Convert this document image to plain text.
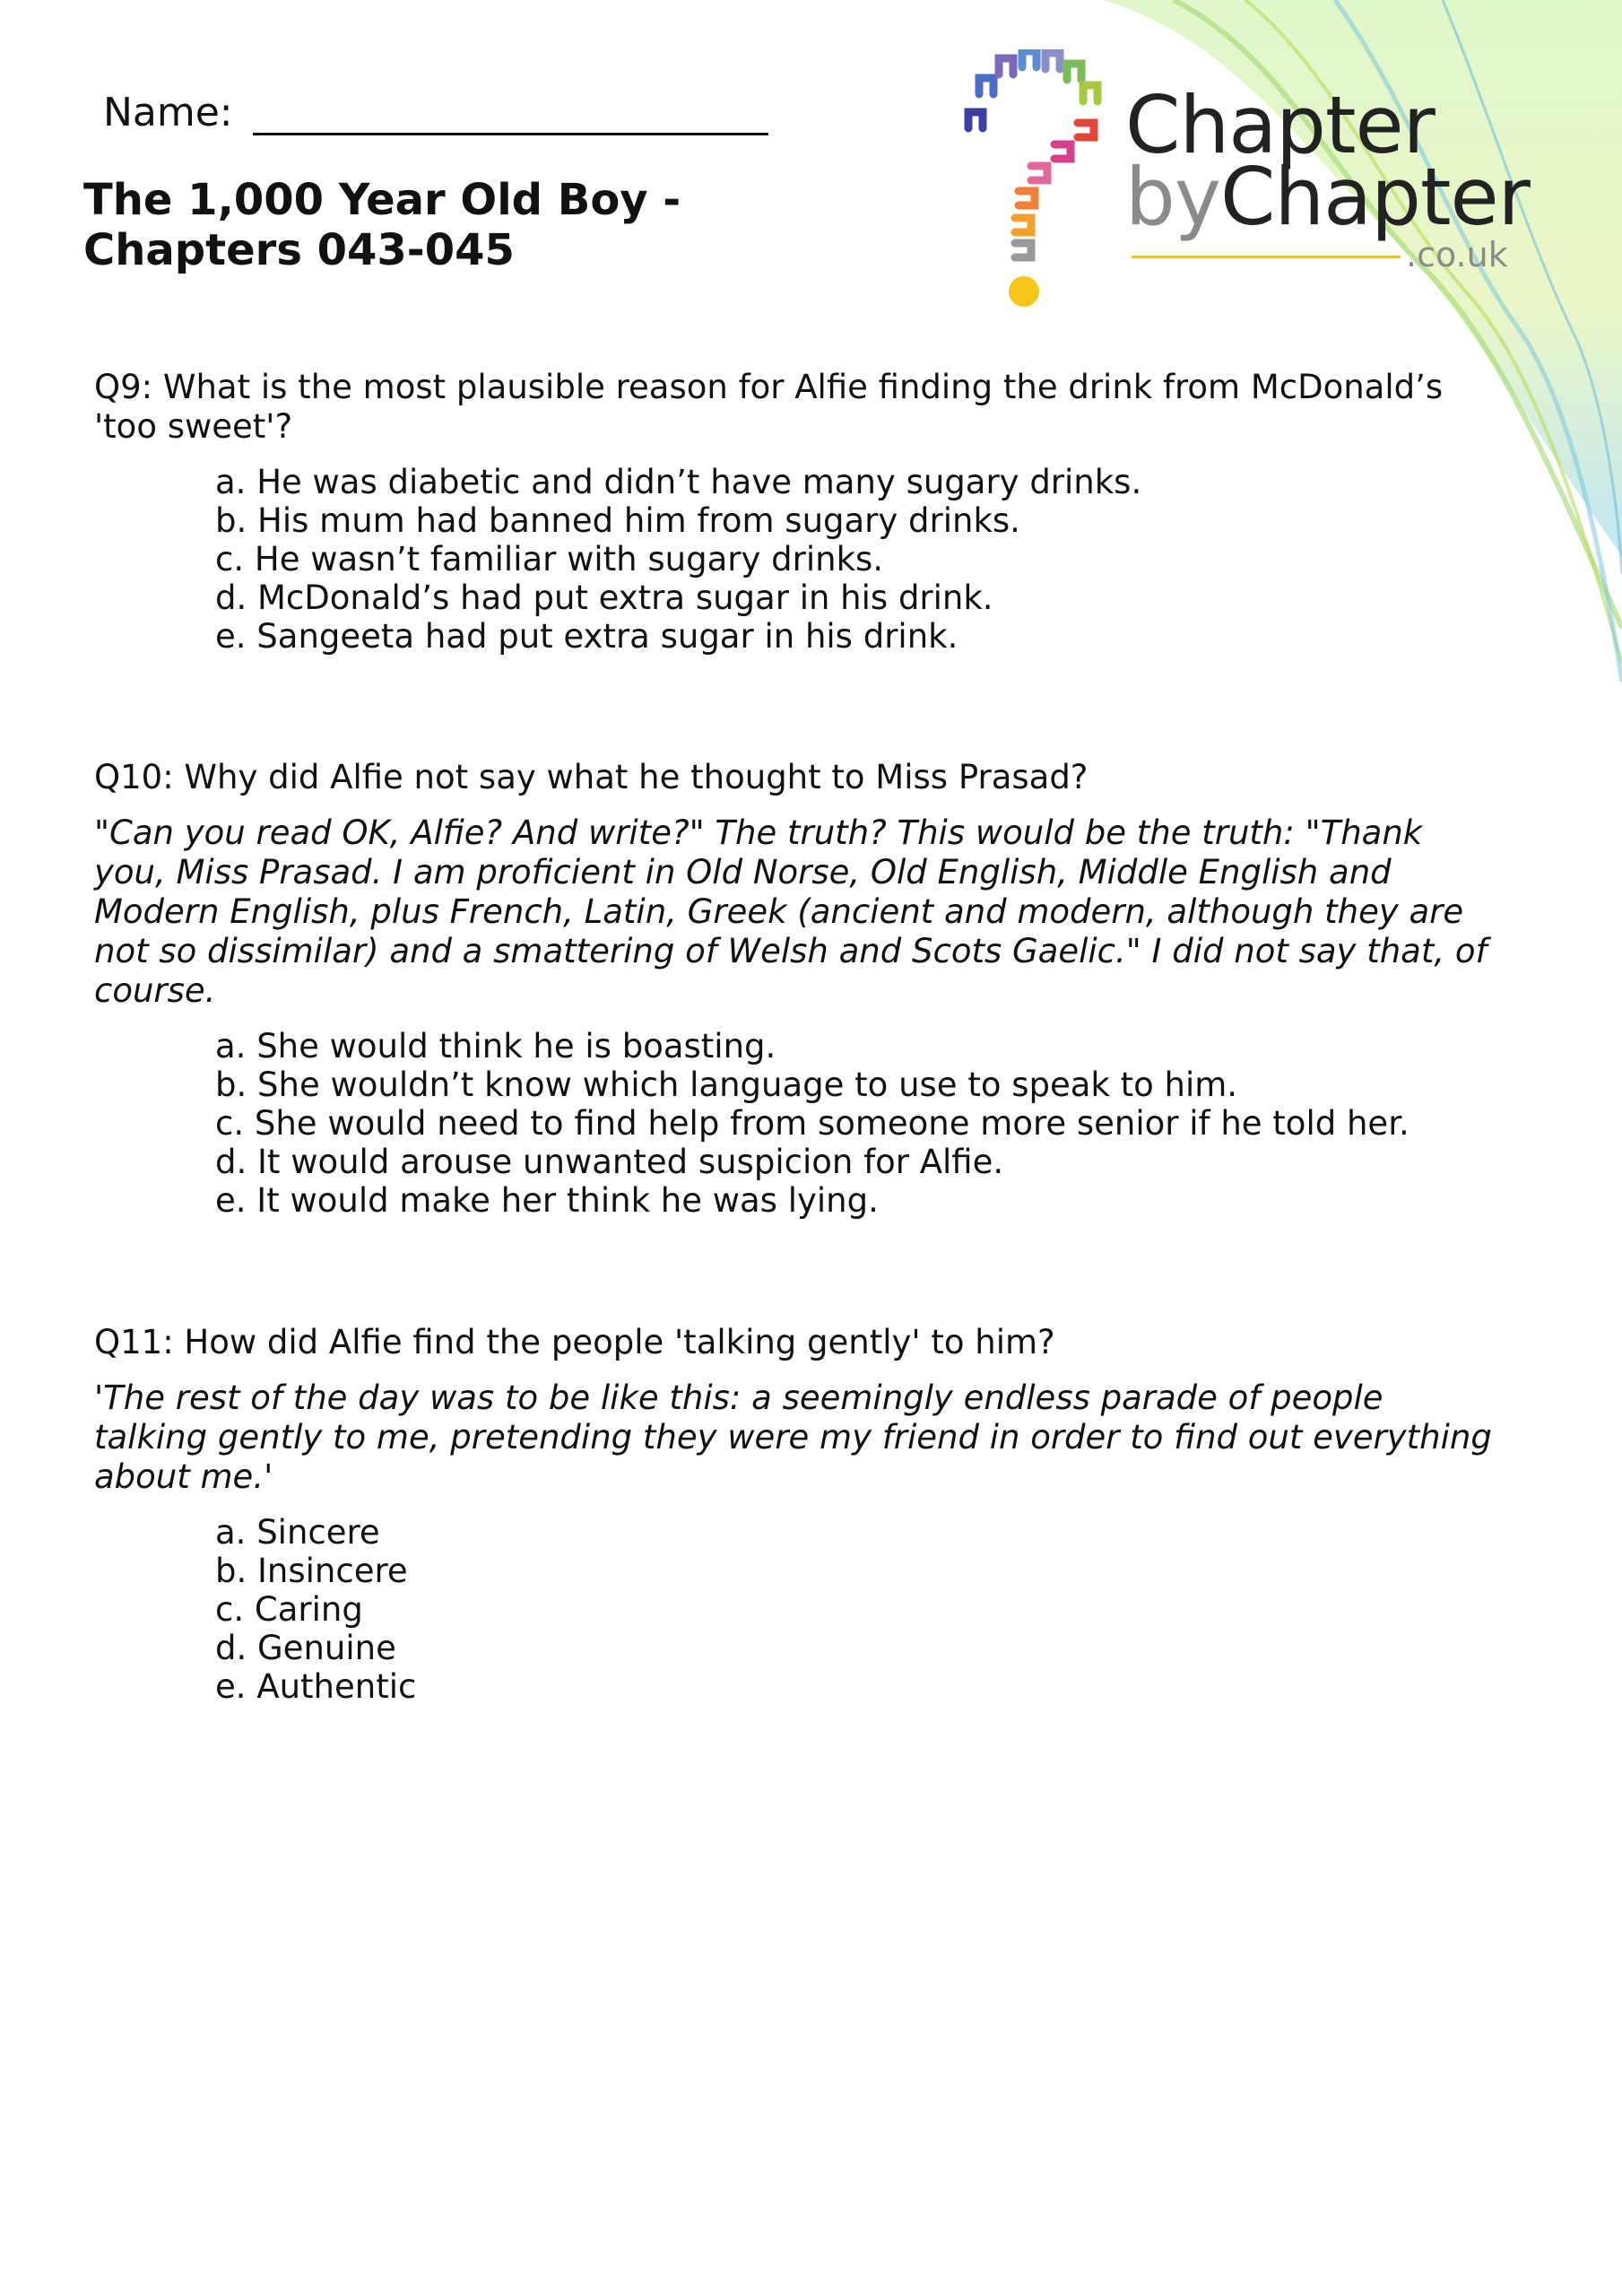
Name:
The 1,000 Year Old Boy -
Chapters 043-045
Chapter
byChapter
.co.uk

Q9: What is the most plausible reason for Alfie finding the drink from McDonald’s 'too sweet'?

a. He was diabetic and didn’t have many sugary drinks.
b. His mum had banned him from sugary drinks.
c. He wasn’t familiar with sugary drinks.
d. McDonald’s had put extra sugar in his drink.
e. Sangeeta had put extra sugar in his drink.

Q10: Why did Alfie not say what he thought to Miss Prasad?

"Can you read OK, Alfie? And write?" The truth? This would be the truth: "Thank you, Miss Prasad. I am proficient in Old Norse, Old English, Middle English and Modern English, plus French, Latin, Greek (ancient and modern, although they are not so dissimilar) and a smattering of Welsh and Scots Gaelic." I did not say that, of course.

a. She would think he is boasting.
b. She wouldn’t know which language to use to speak to him.
c. She would need to find help from someone more senior if he told her.
d. It would arouse unwanted suspicion for Alfie.
e. It would make her think he was lying.

Q11: How did Alfie find the people 'talking gently' to him?

'The rest of the day was to be like this: a seemingly endless parade of people talking gently to me, pretending they were my friend in order to find out everything about me.'

a. Sincere
b. Insincere
c. Caring
d. Genuine
e. Authentic
